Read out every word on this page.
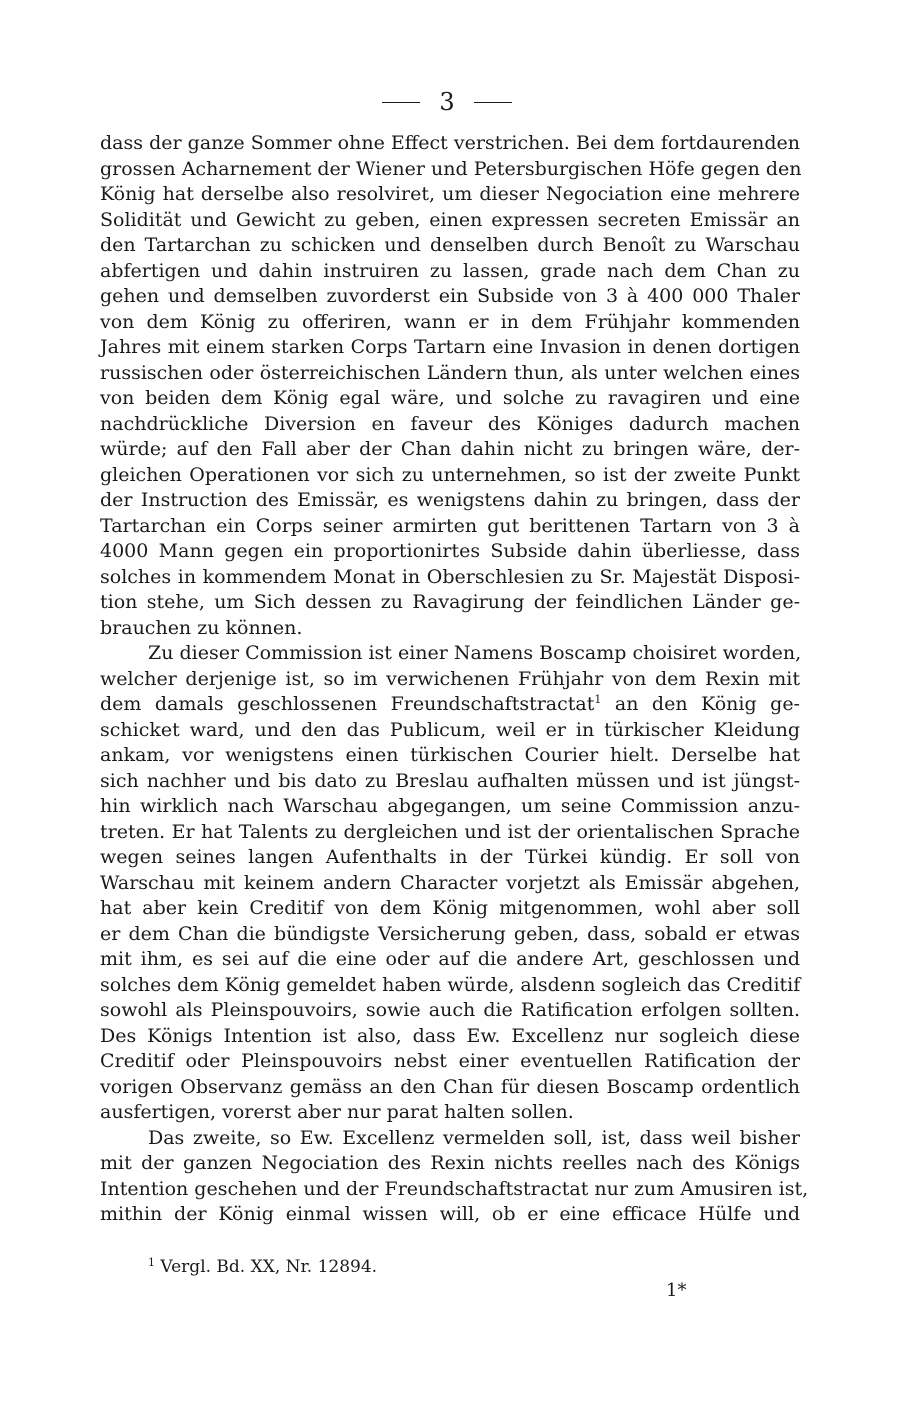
3
dass der ganze Sommer ohne Effect verstrichen. Bei dem fortdaurenden
grossen Acharnement der Wiener und Petersburgischen Höfe gegen den
König hat derselbe also resolviret, um dieser Negociation eine mehrere
Solidität und Gewicht zu geben, einen expressen secreten Emissär an
den Tartarchan zu schicken und denselben durch Benoît zu Warschau
abfertigen und dahin instruiren zu lassen, grade nach dem Chan zu
gehen und demselben zuvorderst ein Subside von 3 à 400 000 Thaler
von dem König zu offeriren, wann er in dem Frühjahr kommenden
Jahres mit einem starken Corps Tartarn eine Invasion in denen dortigen
russischen oder österreichischen Ländern thun, als unter welchen eines
von beiden dem König egal wäre, und solche zu ravagiren und eine
nachdrückliche Diversion en faveur des Königes dadurch machen
würde; auf den Fall aber der Chan dahin nicht zu bringen wäre, der-
gleichen Operationen vor sich zu unternehmen, so ist der zweite Punkt
der Instruction des Emissär, es wenigstens dahin zu bringen, dass der
Tartarchan ein Corps seiner armirten gut berittenen Tartarn von 3 à
4000 Mann gegen ein proportionirtes Subside dahin überliesse, dass
solches in kommendem Monat in Oberschlesien zu Sr. Majestät Disposi-
tion stehe, um Sich dessen zu Ravagirung der feindlichen Länder ge-
brauchen zu können.
Zu dieser Commission ist einer Namens Boscamp choisiret worden,
welcher derjenige ist, so im verwichenen Frühjahr von dem Rexin mit
dem damals geschlossenen Freundschaftstractat$^1$ an den König ge-
schicket ward, und den das Publicum, weil er in türkischer Kleidung
ankam, vor wenigstens einen türkischen Courier hielt. Derselbe hat
sich nachher und bis dato zu Breslau aufhalten müssen und ist jüngst-
hin wirklich nach Warschau abgegangen, um seine Commission anzu-
treten. Er hat Talents zu dergleichen und ist der orientalischen Sprache
wegen seines langen Aufenthalts in der Türkei kündig. Er soll von
Warschau mit keinem andern Character vorjetzt als Emissär abgehen,
hat aber kein Creditif von dem König mitgenommen, wohl aber soll
er dem Chan die bündigste Versicherung geben, dass, sobald er etwas
mit ihm, es sei auf die eine oder auf die andere Art, geschlossen und
solches dem König gemeldet haben würde, alsdenn sogleich das Creditif
sowohl als Pleinspouvoirs, sowie auch die Ratification erfolgen sollten.
Des Königs Intention ist also, dass Ew. Excellenz nur sogleich diese
Creditif oder Pleinspouvoirs nebst einer eventuellen Ratification der
vorigen Observanz gemäss an den Chan für diesen Boscamp ordentlich
ausfertigen, vorerst aber nur parat halten sollen.
Das zweite, so Ew. Excellenz vermelden soll, ist, dass weil bisher
mit der ganzen Negociation des Rexin nichts reelles nach des Königs
Intention geschehen und der Freundschaftstractat nur zum Amusiren ist,
mithin der König einmal wissen will, ob er eine efficace Hülfe und
$^1$ Vergl. Bd. XX, Nr. 12894.
1*
